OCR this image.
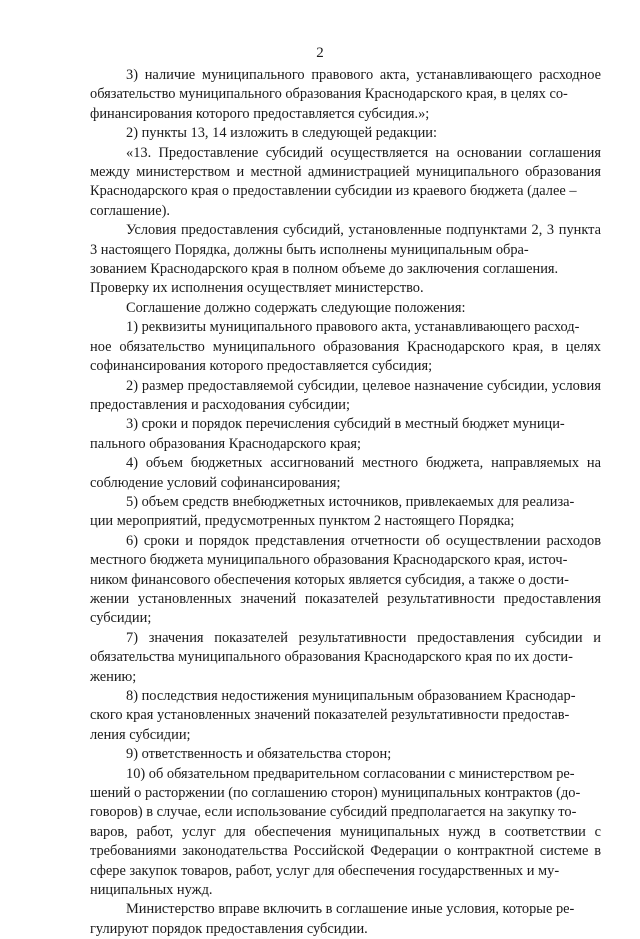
2

3) наличие муниципального правового акта, устанавливающего расходное обязательство муниципального образования Краснодарского края, в целях со-
финансирования которого предоставляется субсидия.»;

2) пункты 13, 14 изложить в следующей редакции:

«13. Предоставление субсидий осуществляется на основании соглашения между министерством и местной администрацией муниципального образования Краснодарского края о предоставлении субсидии из краевого бюджета (далее –
соглашение).

Условия предоставления субсидий, установленные подпунктами 2, 3 пункта 3 настоящего Порядка, должны быть исполнены муниципальным обра-
зованием Краснодарского края в полном объеме до заключения соглашения.
Проверку их исполнения осуществляет министерство.

Соглашение должно содержать следующие положения:

1) реквизиты муниципального правового акта, устанавливающего расход-
ное обязательство муниципального образования Краснодарского края, в целях софинансирования которого предоставляется субсидия;

2) размер предоставляемой субсидии, целевое назначение субсидии, условия предоставления и расходования субсидии;

3) сроки и порядок перечисления субсидий в местный бюджет муници-
пального образования Краснодарского края;

4) объем бюджетных ассигнований местного бюджета, направляемых на соблюдение условий софинансирования;

5) объем средств внебюджетных источников, привлекаемых для реализа-
ции мероприятий, предусмотренных пунктом 2 настоящего Порядка;

6) сроки и порядок представления отчетности об осуществлении расходов местного бюджета муниципального образования Краснодарского края, источ-
ником финансового обеспечения которых является субсидия, а также о дости-
жении установленных значений показателей результативности предоставления субсидии;

7) значения показателей результативности предоставления субсидии и обязательства муниципального образования Краснодарского края по их дости-
жению;

8) последствия недостижения муниципальным образованием Краснодар-
ского края установленных значений показателей результативности предостав-
ления субсидии;

9) ответственность и обязательства сторон;

10) об обязательном предварительном согласовании с министерством ре-
шений о расторжении (по соглашению сторон) муниципальных контрактов (до-
говоров) в случае, если использование субсидий предполагается на закупку то-
варов, работ, услуг для обеспечения муниципальных нужд в соответствии с требованиями законодательства Российской Федерации о контрактной системе в сфере закупок товаров, работ, услуг для обеспечения государственных и му-
ниципальных нужд.

Министерство вправе включить в соглашение иные условия, которые ре-
гулируют порядок предоставления субсидии.
